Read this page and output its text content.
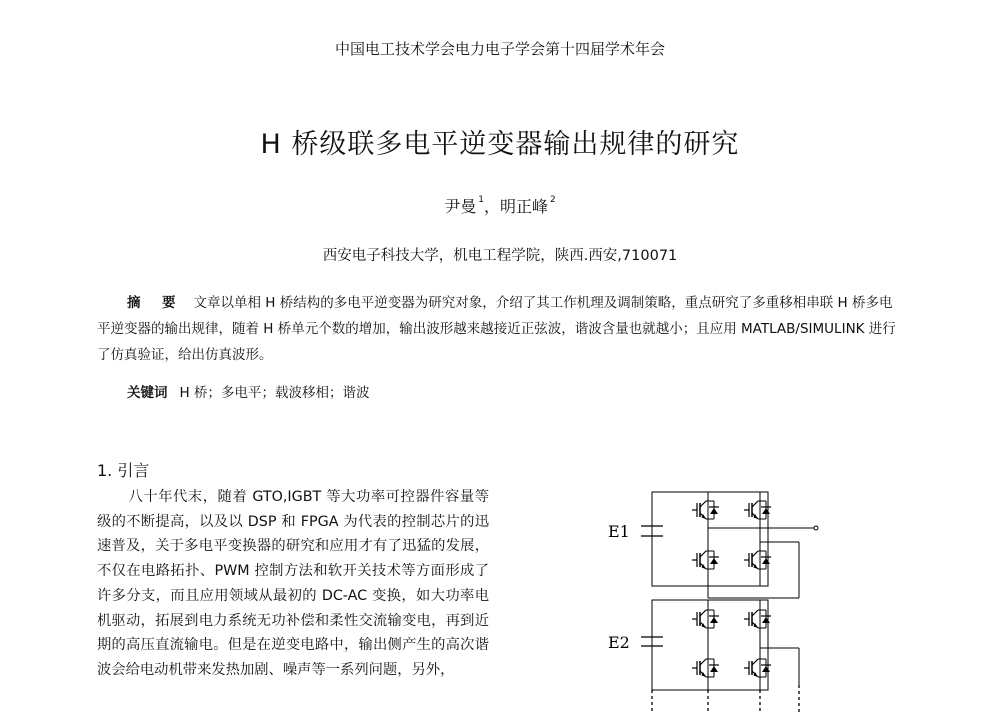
中国电工技术学会电力电子学会第十四届学术年会
H 桥级联多电平逆变器输出规律的研究
尹曼 $^1$，明正峰 $^2$
西安电子科技大学，机电工程学院，陕西.西安,710071
摘　要 文章以单相 H 桥结构的多电平逆变器为研究对象，介绍了其工作机理及调制策略，重点研究了多重移相串联 H 桥多电平逆变器的输出规律，随着 H 桥单元个数的增加，输出波形越来越接近正弦波，谐波含量也就越小；且应用 MATLAB/SIMULINK 进行了仿真验证，给出仿真波形。
关键词 H 桥；多电平；载波移相；谐波
1. 引言
八十年代末，随着 GTO,IGBT 等大功率可控器件容量等级的不断提高，以及以 DSP 和 FPGA 为代表的控制芯片的迅速普及，关于多电平变换器的研究和应用才有了迅猛的发展，不仅在电路拓扑、PWM 控制方法和软开关技术等方面形成了许多分支，而且应用领域从最初的 DC-AC 变换，如大功率电机驱动，拓展到电力系统无功补偿和柔性交流输变电，再到近期的高压直流输电。但是在逆变电路中，输出侧产生的高次谐波会给电动机带来发热加剧、噪声等一系列问题，另外，
E1
E2
